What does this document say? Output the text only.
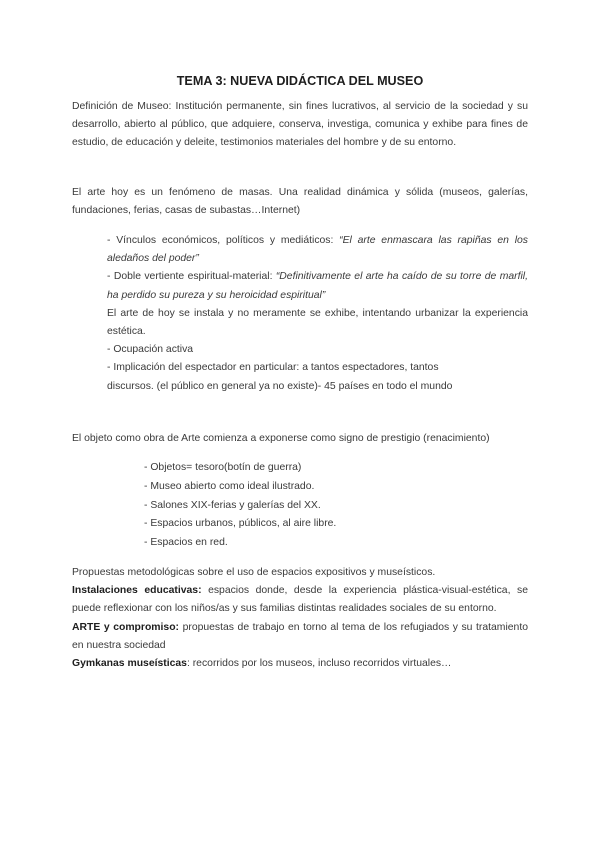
TEMA 3: NUEVA DIDÁCTICA DEL MUSEO

Definición de Museo: Institución permanente, sin fines lucrativos, al servicio de la sociedad y su desarrollo, abierto al público, que adquiere, conserva, investiga, comunica y exhibe para fines de estudio, de educación y deleite, testimonios materiales del hombre y de su entorno.

El arte hoy es un fenómeno de masas. Una realidad dinámica y sólida (museos, galerías, fundaciones, ferias, casas de subastas…Internet)

- Vínculos económicos, políticos y mediáticos: “El arte enmascara las rapiñas en los aledaños del poder”

- Doble vertiente espiritual-material: “Definitivamente el arte ha caído de su torre de marfil, ha perdido su pureza y su heroicidad espiritual”

El arte de hoy se instala y no meramente se exhibe, intentando urbanizar la experiencia estética.

- Ocupación activa

- Implicación del espectador en particular: a tantos espectadores, tantos

discursos. (el público en general ya no existe)- 45 países en todo el mundo

El objeto como obra de Arte comienza a exponerse como signo de prestigio (renacimiento)

- Objetos= tesoro(botín de guerra)

- Museo abierto como ideal ilustrado.

- Salones XIX-ferias y galerías del XX.

- Espacios urbanos, públicos, al aire libre.

- Espacios en red.

Propuestas metodológicas sobre el uso de espacios expositivos y museísticos.

Instalaciones educativas: espacios donde, desde la experiencia plástica-visual-estética, se puede reflexionar con los niños/as y sus familias distintas realidades sociales de su entorno.

ARTE y compromiso: propuestas de trabajo en torno al tema de los refugiados y su tratamiento en nuestra sociedad

Gymkanas museísticas: recorridos por los museos, incluso recorridos virtuales…
